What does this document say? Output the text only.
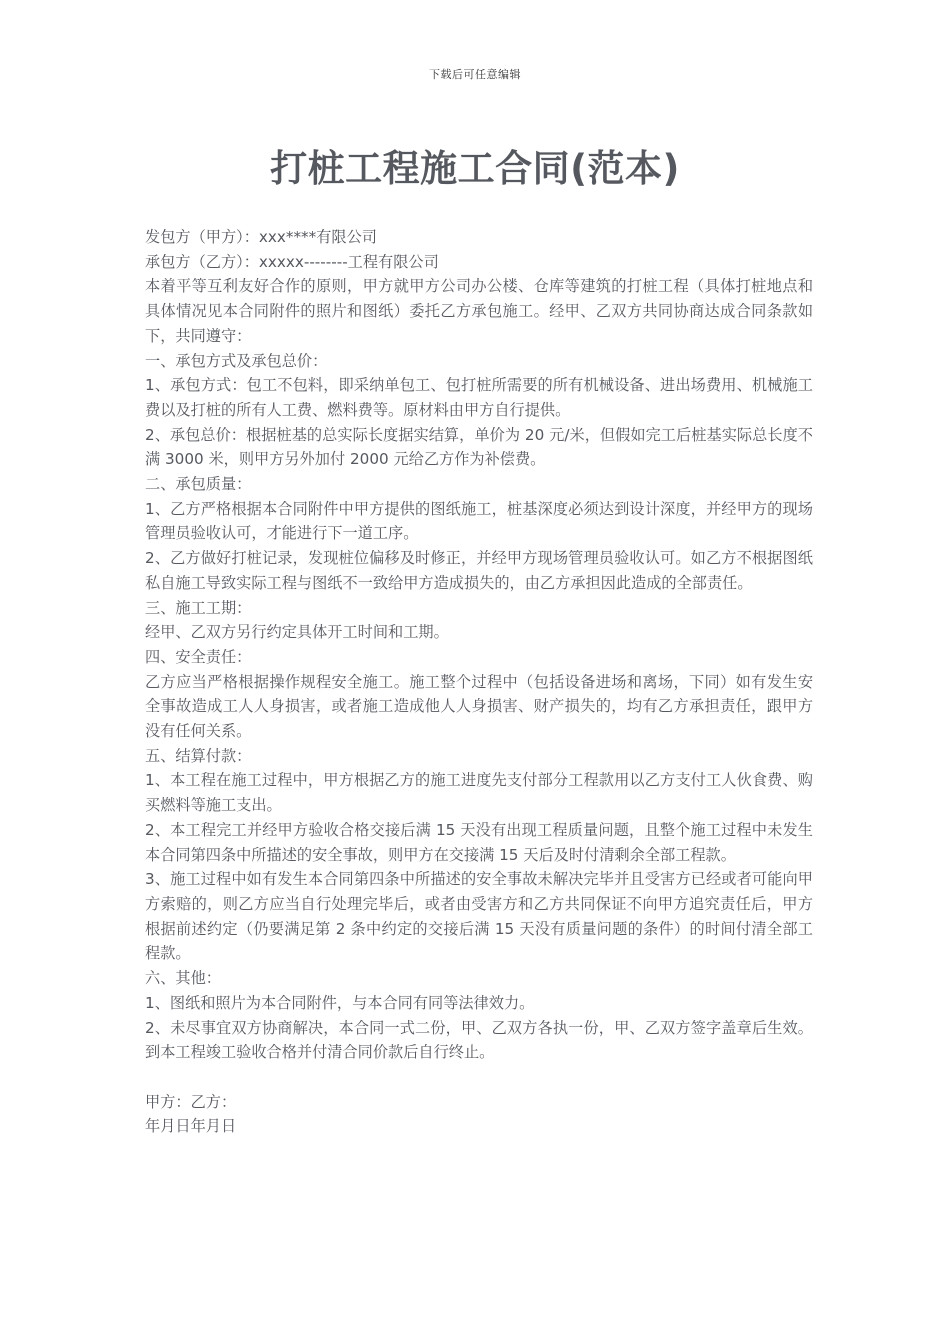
下载后可任意编辑
打桩工程施工合同(范本)

发包方（甲方）：xxx****有限公司

承包方（乙方）：xxxxx--------工程有限公司

本着平等互利友好合作的原则，甲方就甲方公司办公楼、仓库等建筑的打桩工程（具体打桩地点和具体情况见本合同附件的照片和图纸）委托乙方承包施工。经甲、乙双方共同协商达成合同条款如下，共同遵守：

一、承包方式及承包总价：

1、承包方式：包工不包料，即采纳单包工、包打桩所需要的所有机械设备、进出场费用、机械施工费以及打桩的所有人工费、燃料费等。原材料由甲方自行提供。

2、承包总价：根据桩基的总实际长度据实结算，单价为 20 元/米，但假如完工后桩基实际总长度不满 3000 米，则甲方另外加付 2000 元给乙方作为补偿费。

二、承包质量：

1、乙方严格根据本合同附件中甲方提供的图纸施工，桩基深度必须达到设计深度，并经甲方的现场管理员验收认可，才能进行下一道工序。

2、乙方做好打桩记录，发现桩位偏移及时修正，并经甲方现场管理员验收认可。如乙方不根据图纸私自施工导致实际工程与图纸不一致给甲方造成损失的，由乙方承担因此造成的全部责任。

三、施工工期：

经甲、乙双方另行约定具体开工时间和工期。

四、安全责任：

乙方应当严格根据操作规程安全施工。施工整个过程中（包括设备进场和离场，下同）如有发生安全事故造成工人人身损害，或者施工造成他人人身损害、财产损失的，均有乙方承担责任，跟甲方没有任何关系。

五、结算付款：

1、本工程在施工过程中，甲方根据乙方的施工进度先支付部分工程款用以乙方支付工人伙食费、购买燃料等施工支出。

2、本工程完工并经甲方验收合格交接后满 15 天没有出现工程质量问题，且整个施工过程中未发生本合同第四条中所描述的安全事故，则甲方在交接满 15 天后及时付清剩余全部工程款。

3、施工过程中如有发生本合同第四条中所描述的安全事故未解决完毕并且受害方已经或者可能向甲方索赔的，则乙方应当自行处理完毕后，或者由受害方和乙方共同保证不向甲方追究责任后，甲方根据前述约定（仍要满足第 2 条中约定的交接后满 15 天没有质量问题的条件）的时间付清全部工程款。

六、其他：

1、图纸和照片为本合同附件，与本合同有同等法律效力。

2、未尽事宜双方协商解决，本合同一式二份，甲、乙双方各执一份，甲、乙双方签字盖章后生效。到本工程竣工验收合格并付清合同价款后自行终止。

甲方：乙方：

年月日年月日
